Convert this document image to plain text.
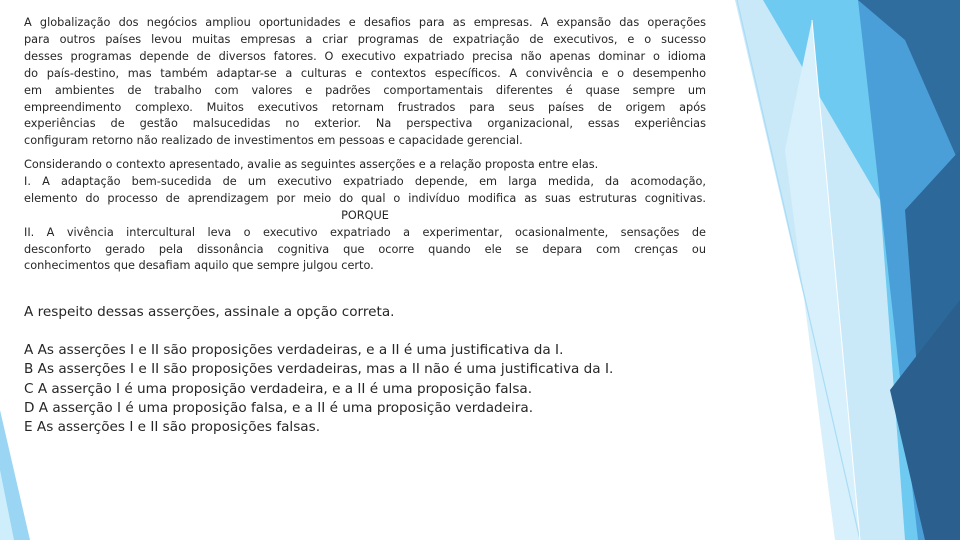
A globalização dos negócios ampliou oportunidades e desafios para as empresas. A expansão das operações
para outros países levou muitas empresas a criar programas de expatriação de executivos, e o sucesso
desses programas depende de diversos fatores. O executivo expatriado precisa não apenas dominar o idioma
do país-destino, mas também adaptar-se a culturas e contextos específicos. A convivência e o desempenho
em ambientes de trabalho com valores e padrões comportamentais diferentes é quase sempre um
empreendimento complexo. Muitos executivos retornam frustrados para seus países de origem após
experiências de gestão malsucedidas no exterior. Na perspectiva organizacional, essas experiências
configuram retorno não realizado de investimentos em pessoas e capacidade gerencial.
Considerando o contexto apresentado, avalie as seguintes asserções e a relação proposta entre elas.
I. A adaptação bem-sucedida de um executivo expatriado depende, em larga medida, da acomodação,
elemento do processo de aprendizagem por meio do qual o indivíduo modifica as suas estruturas cognitivas.
PORQUE
II. A vivência intercultural leva o executivo expatriado a experimentar, ocasionalmente, sensações de
desconforto gerado pela dissonância cognitiva que ocorre quando ele se depara com crenças ou
conhecimentos que desafiam aquilo que sempre julgou certo.
A respeito dessas asserções, assinale a opção correta.
A As asserções I e II são proposições verdadeiras, e a II é uma justificativa da I.
B As asserções I e II são proposições verdadeiras, mas a II não é uma justificativa da I.
C A asserção I é uma proposição verdadeira, e a II é uma proposição falsa.
D A asserção I é uma proposição falsa, e a II é uma proposição verdadeira.
E As asserções I e II são proposições falsas.
